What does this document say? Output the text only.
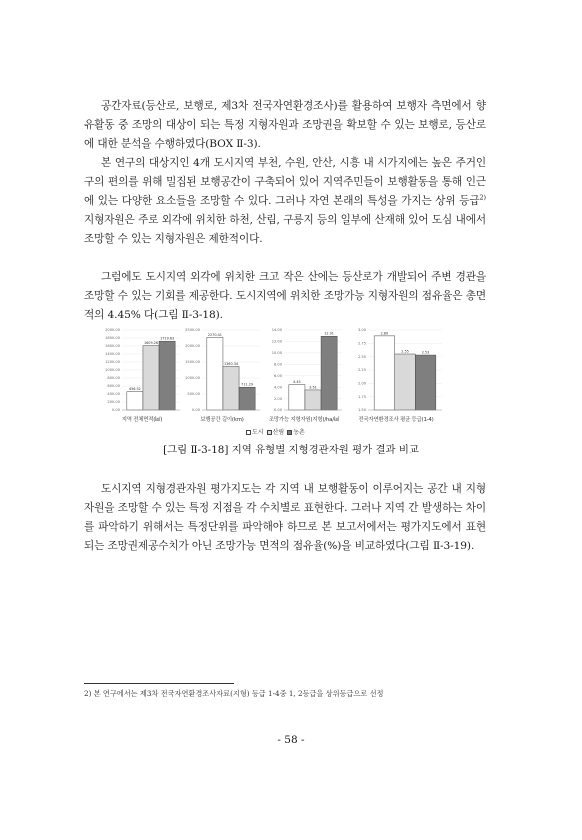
공간자료(등산로, 보행로, 제3차 전국자연환경조사)를 활용하여 보행자 측면에서 향유활동 중 조망의 대상이 되는 특정 지형자원과 조망권을 확보할 수 있는 보행로, 등산로에 대한 분석을 수행하였다(BOX Ⅱ-3).

본 연구의 대상지인 4개 도시지역 부천, 수원, 안산, 시흥 내 시가지에는 높은 주거인구의 편의를 위해 밀집된 보행공간이 구축되어 있어 지역주민들이 보행활동을 통해 인근에 있는 다양한 요소들을 조망할 수 있다. 그러나 자연 본래의 특성을 가지는 상위 등급$^{2)}$ 지형자원은 주로 외각에 위치한 하천, 산림, 구릉지 등의 일부에 산재해 있어 도심 내에서 조망할 수 있는 지형자원은 제한적이다.

그럼에도 도시지역 외각에 위치한 크고 작은 산에는 등산로가 개발되어 주변 경관을 조망할 수 있는 기회를 제공한다. 도시지역에 위치한 조망가능 지형자원의 점유율은 총면적의 4.45% 다(그림 Ⅱ-3-18).

0.00
200.00
400.00
600.00
800.00
1000.00
1200.00
1400.00
1600.00
1800.00
2000.00
456.52
1609.26
1719.63
지역 전체면적(㎢)
0.00
500.00
1000.00
1500.00
2000.00
2500.00
2270.41
1360.34
711.29
보행공간 길이(km)
0.00
2.00
4.00
6.00
8.00
10.00
12.00
14.00
4.45
3.51
12.91
조망가능 지형자원(지형)/ha/㎢
1.50
1.75
2.00
2.25
2.50
2.75
3.00
2.89
2.55	2.53
전국자연환경조사 평균 등급(1-4)
도시	산림	농촌

[그림 Ⅱ-3-18] 지역 유형별 지형경관자원 평가 결과 비교

도시지역 지형경관자원 평가지도는 각 지역 내 보행활동이 이루어지는 공간 내 지형자원을 조망할 수 있는 특정 지점을 각 수치별로 표현한다. 그러나 지역 간 발생하는 차이를 파악하기 위해서는 특정단위를 파악해야 하므로 본 보고서에서는 평가지도에서 표현되는 조망권제공수치가 아닌 조망가능 면적의 점유율(%)을 비교하였다(그림 Ⅱ-3-19).

2) 본 연구에서는 제3차 전국자연환경조사자료(지형) 등급 1-4중 1, 2등급을 상위등급으로 선정

- 58 -
